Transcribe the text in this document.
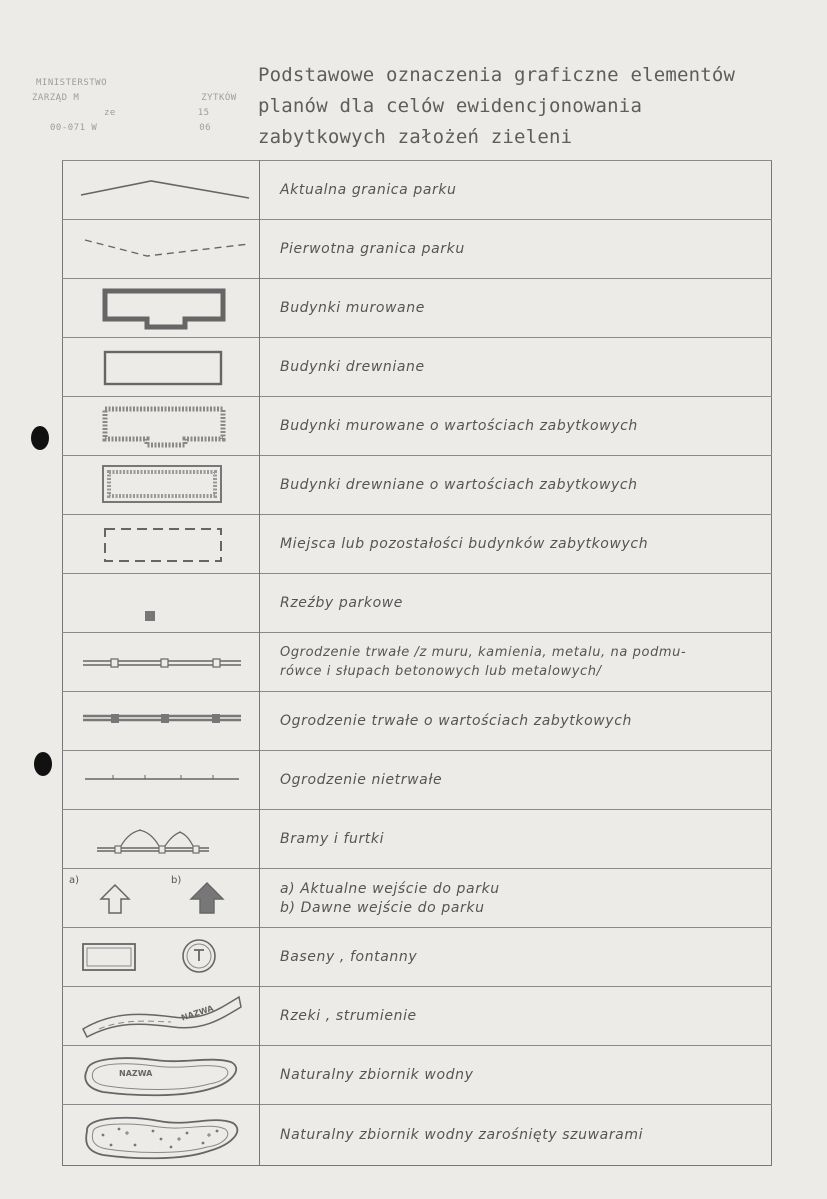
MINISTERSTWO
ZARZĄD M	ZYTKÓW
ze	15
00-071 W	06
Podstawowe oznaczenia graficzne elementów
planów dla celów ewidencjonowania
zabytkowych założeń zieleni

Aktualna granica parku

Pierwotna granica parku

Budynki murowane

Budynki drewniane

Budynki murowane o wartościach zabytkowych

Budynki drewniane o wartościach zabytkowych

Miejsca lub pozostałości budynków zabytkowych

Rzeźby parkowe

Ogrodzenie trwałe /z muru, kamienia, metalu, na podmu-
rówce i słupach betonowych lub metalowych/

Ogrodzenie trwałe o wartościach zabytkowych

Ogrodzenie nietrwałe

Bramy i furtki

a) b)	a) Aktualne wejście do parku
b) Dawne wejście do parku

Baseny , fontanny

NAZWA	Rzeki , strumienie

NAZWA	Naturalny zbiornik wodny

Naturalny zbiornik wodny zarośnięty szuwarami
